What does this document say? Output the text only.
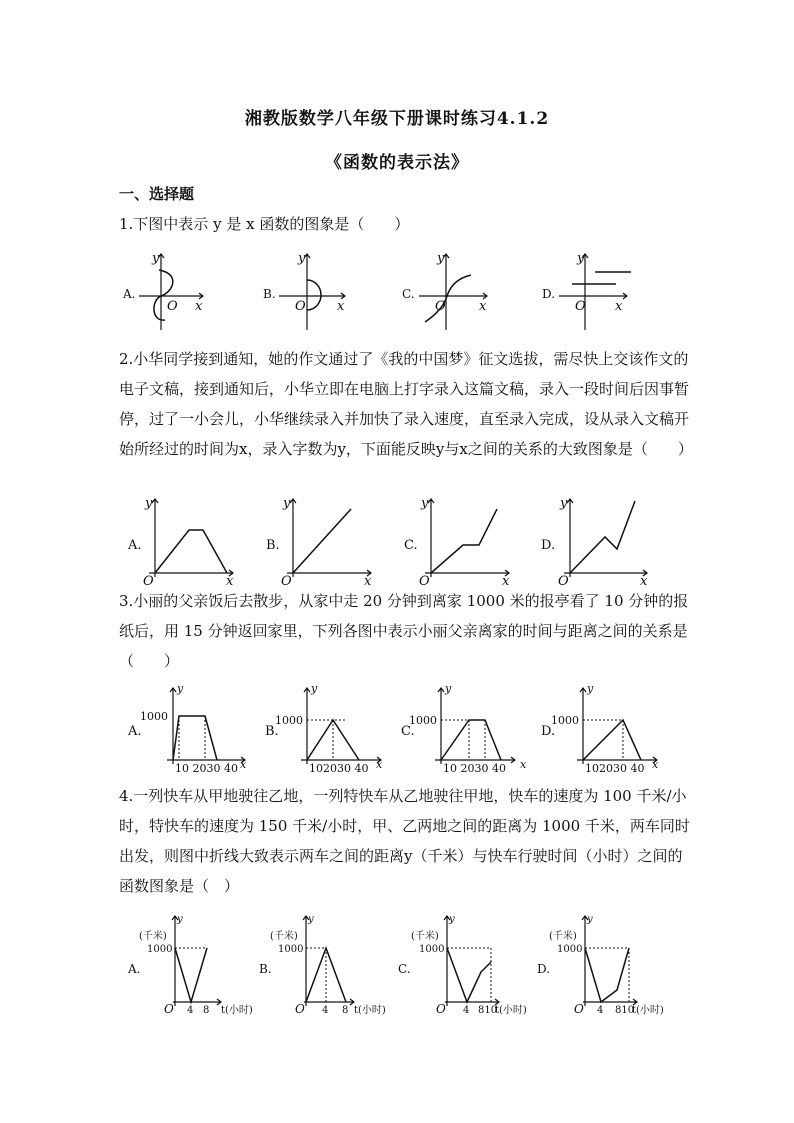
湘教版数学八年级下册课时练习4.1.2
《函数的表示法》
一、选择题
1.下图中表示 y 是 x 函数的图象是（　　）
A.
y
O x
B.
y
O x
C.
y
O	x
D.
y
O x
2.小华同学接到通知，她的作文通过了《我的中国梦》征文选拔，需尽快上交该作文的电子文稿，接到通知后，小华立即在电脑上打字录入这篇文稿，录入一段时间后因事暂停，过了一小会儿，小华继续录入并加快了录入速度，直至录入完成，设从录入文稿开始所经过的时间为x，录入字数为y，下面能反映y与x之间的关系的大致图象是（　　）
A.
y
O	x
B.
y
O	x
C.
y
O	x
D.
y
O	x
3.小丽的父亲饭后去散步，从家中走 20 分钟到离家 1000 米的报亭看了 10 分钟的报纸后，用 15 分钟返回家里，下列各图中表示小丽父亲离家的时间与距离之间的关系是（　　）
A.
1000
y
10 2030 40 x
B.
1000
y
102030 40 x
C.
1000
y
10 2030 40 x
D.
1000
y
102030 40 x
4.一列快车从甲地驶往乙地，一列特快车从乙地驶往甲地，快车的速度为 100 千米/小时，特快车的速度为 150 千米/小时，甲、乙两地之间的距离为 1000 千米，两车同时出发，则图中折线大致表示两车之间的距离y（千米）与快车行驶时间（小时）之间的函数图象是（　）
A.
y
(千米)
1000
O 4 8 t(小时)
B.
y
(千米)
1000
O 4 8 t(小时)
C.
y
(千米)
1000
O 4 810
t(小时)
D.
y
(千米)
1000
O 4 810
t(小时)
